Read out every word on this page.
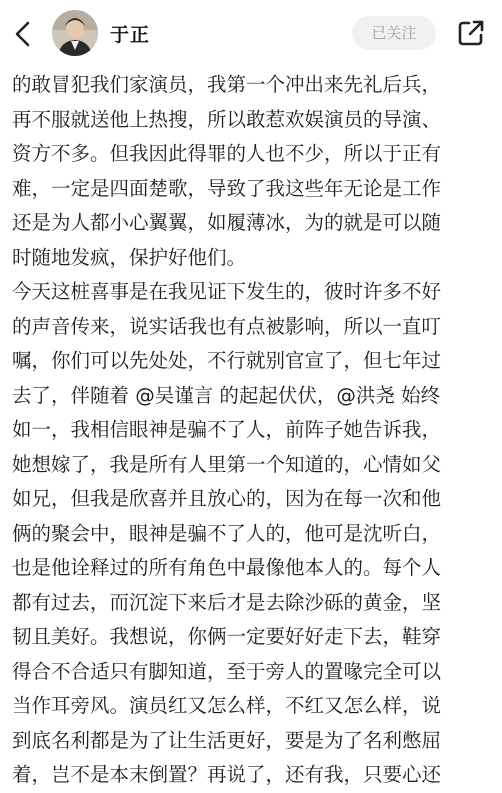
于正	已关注
的敢冒犯我们家演员，我第一个冲出来先礼后兵，
再不服就送他上热搜，所以敢惹欢娱演员的导演、
资方不多。但我因此得罪的人也不少，所以于正有
难，一定是四面楚歌，导致了我这些年无论是工作
还是为人都小心翼翼，如履薄冰，为的就是可以随
时随地发疯，保护好他们。
今天这桩喜事是在我见证下发生的，彼时许多不好
的声音传来，说实话我也有点被影响，所以一直叮
嘱，你们可以先处处，不行就别官宣了，但七年过
去了，伴随着 @吴谨言 的起起伏伏，@洪尧 始终
如一，我相信眼神是骗不了人，前阵子她告诉我，
她想嫁了，我是所有人里第一个知道的，心情如父
如兄，但我是欣喜并且放心的，因为在每一次和他
俩的聚会中，眼神是骗不了人的，他可是沈听白，
也是他诠释过的所有角色中最像他本人的。每个人
都有过去，而沉淀下来后才是去除沙砾的黄金，坚
韧且美好。我想说，你俩一定要好好走下去，鞋穿
得合不合适只有脚知道，至于旁人的置喙完全可以
当作耳旁风。演员红又怎么样，不红又怎么样，说
到底名利都是为了让生活更好，要是为了名利憋屈
着，岂不是本末倒置？再说了，还有我，只要心还
